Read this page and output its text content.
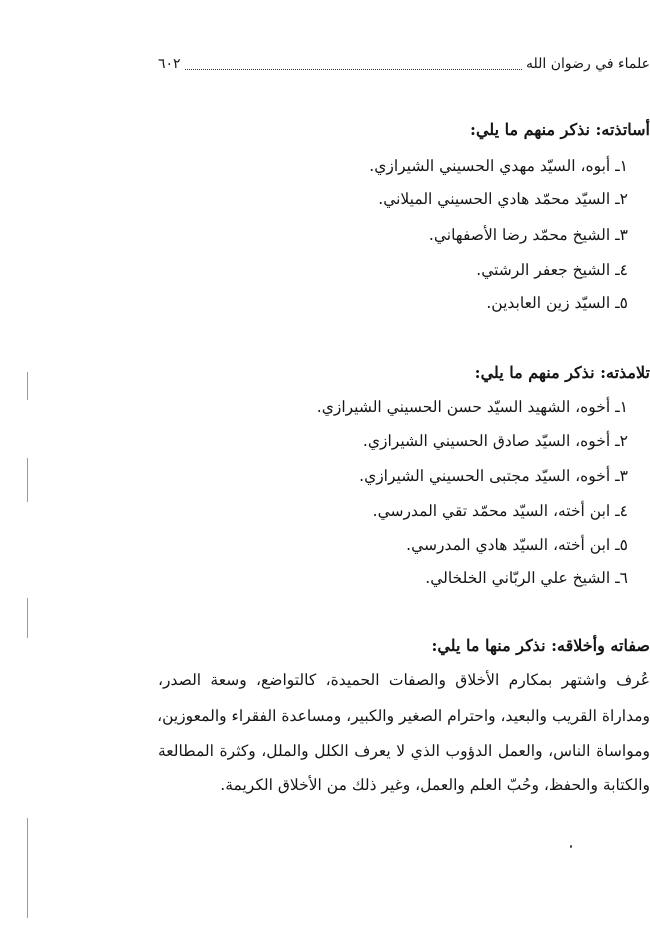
٦٠٢	علماء في رضوان الله
أساتذته: نذكر منهم ما يلي:
١ـ أبوه، السيّد مهدي الحسيني الشيرازي.
٢ـ السيّد محمّد هادي الحسيني الميلاني.
٣ـ الشيخ محمّد رضا الأصفهاني.
٤ـ الشيخ جعفر الرشتي.
٥ـ السيّد زين العابدين.
تلامذته: نذكر منهم ما يلي:
١ـ أخوه، الشهيد السيّد حسن الحسيني الشيرازي.
٢ـ أخوه، السيّد صادق الحسيني الشيرازي.
٣ـ أخوه، السيّد مجتبى الحسيني الشيرازي.
٤ـ ابن أخته، السيّد محمّد تقي المدرسي.
٥ـ ابن أخته، السيّد هادي المدرسي.
٦ـ الشيخ علي الربّاني الخلخالي.
صفاته وأخلاقه: نذكر منها ما يلي:
عُرف واشتهر بمكارم الأخلاق والصفات الحميدة، كالتواضع، وسعة الصدر،
ومداراة القريب والبعيد، واحترام الصغير والكبير، ومساعدة الفقراء والمعوزين،
ومواساة الناس، والعمل الدؤوب الذي لا يعرف الكلل والملل، وكثرة المطالعة
والكتابة والحفظ، وحُبّ العلم والعمل، وغير ذلك من الأخلاق الكريمة.
